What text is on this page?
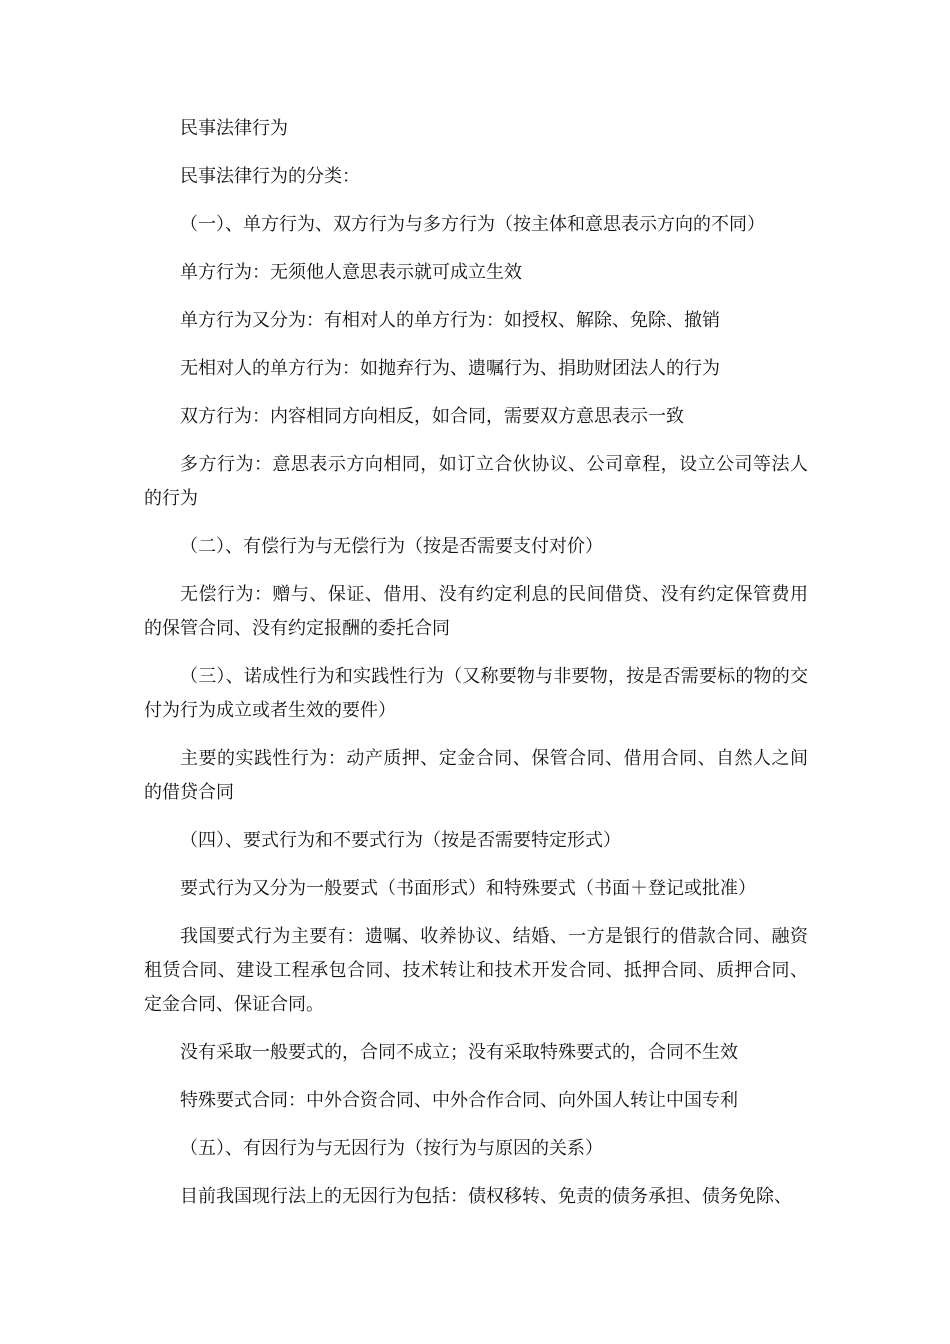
民事法律行为

民事法律行为的分类：

（一）、单方行为、双方行为与多方行为（按主体和意思表示方向的不同）

单方行为：无须他人意思表示就可成立生效

单方行为又分为：有相对人的单方行为：如授权、解除、免除、撤销

无相对人的单方行为：如抛弃行为、遗嘱行为、捐助财团法人的行为

双方行为：内容相同方向相反，如合同，需要双方意思表示一致

多方行为：意思表示方向相同，如订立合伙协议、公司章程，设立公司等法人的行为

（二）、有偿行为与无偿行为（按是否需要支付对价）

无偿行为：赠与、保证、借用、没有约定利息的民间借贷、没有约定保管费用的保管合同、没有约定报酬的委托合同

（三）、诺成性行为和实践性行为（又称要物与非要物，按是否需要标的物的交付为行为成立或者生效的要件）

主要的实践性行为：动产质押、定金合同、保管合同、借用合同、自然人之间的借贷合同

（四）、要式行为和不要式行为（按是否需要特定形式）

要式行为又分为一般要式（书面形式）和特殊要式（书面＋登记或批准）

我国要式行为主要有：遗嘱、收养协议、结婚、一方是银行的借款合同、融资租赁合同、建设工程承包合同、技术转让和技术开发合同、抵押合同、质押合同、定金合同、保证合同。

没有采取一般要式的，合同不成立；没有采取特殊要式的，合同不生效

特殊要式合同：中外合资合同、中外合作合同、向外国人转让中国专利

（五）、有因行为与无因行为（按行为与原因的关系）

目前我国现行法上的无因行为包括：债权移转、免责的债务承担、债务免除、
